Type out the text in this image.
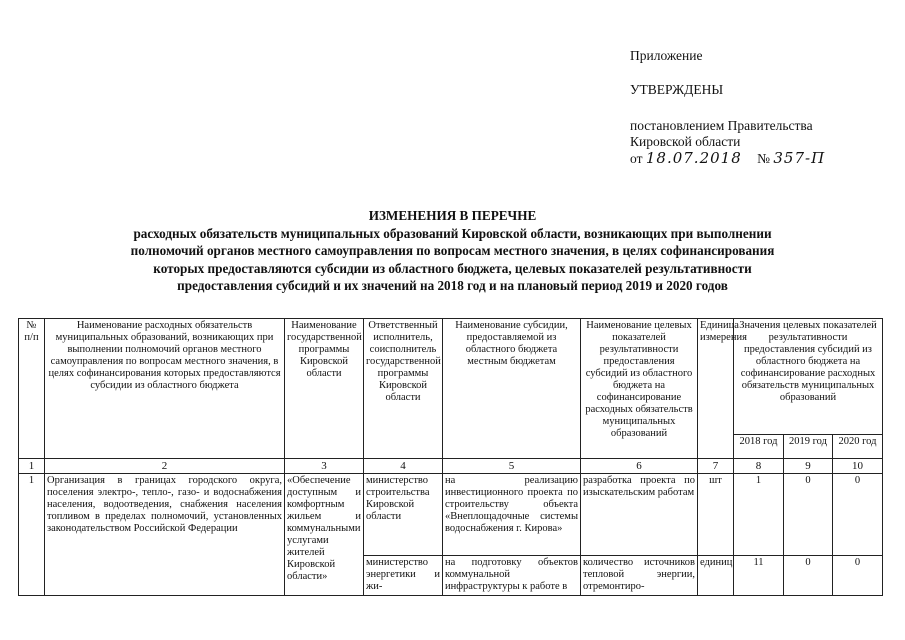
Приложение
УТВЕРЖДЕНЫ
постановлением Правительства
Кировской области
от 18.07.2018 № 357-П
ИЗМЕНЕНИЯ В ПЕРЕЧНЕ
расходных обязательств муниципальных образований Кировской области, возникающих при выполнении
полномочий органов местного самоуправления по вопросам местного значения, в целях софинансирования
которых предоставляются субсидии из областного бюджета, целевых показателей результативности
предоставления субсидий и их значений на 2018 год и на плановый период 2019 и 2020 годов
№ п/п	Наименование расходных обязательств муниципальных образований, возникающих при выполнении полномочий органов местного самоуправления по вопросам местного значения, в целях софинансирования которых предоставляются субсидии из областного бюджета	Наименование государственной программы Кировской области	Ответственный исполнитель, соисполнитель государственной программы Кировской области	Наименование субсидии, предоставляемой из областного бюджета местным бюджетам	Наименование целевых показателей результативности предоставления субсидий из областного бюджета на софинансирование расходных обязательств муниципальных образований	Единица измерения	Значения целевых показателей результативности предоставления субсидий из областного бюджета на софинансирование расходных обязательств муниципальных образований		
							2018 год	2019 год	2020 год
1	2	3	4	5	6	7	8	9	10
1	Организация в границах городского округа, поселения электро-, тепло-, газо- и водоснабжения населения, водоотведения, снабжения населения топливом в пределах полномочий, установленных законодательством Российской Федерации	«Обеспечение доступным и комфортным жильем и коммунальными услугами жителей Кировской области»	министерство строительства Кировской области	на реализацию инвестиционного проекта по строительству объекта «Внеплощадочные системы водоснабжения г. Кирова»	разработка проекта по изыскательским работам	шт	1	0	0
			министерство энергетики и жи-	на подготовку объектов коммунальной инфраструктуры к работе в	количество источников тепловой энергии, отремонтиро-	единиц	11	0	0
